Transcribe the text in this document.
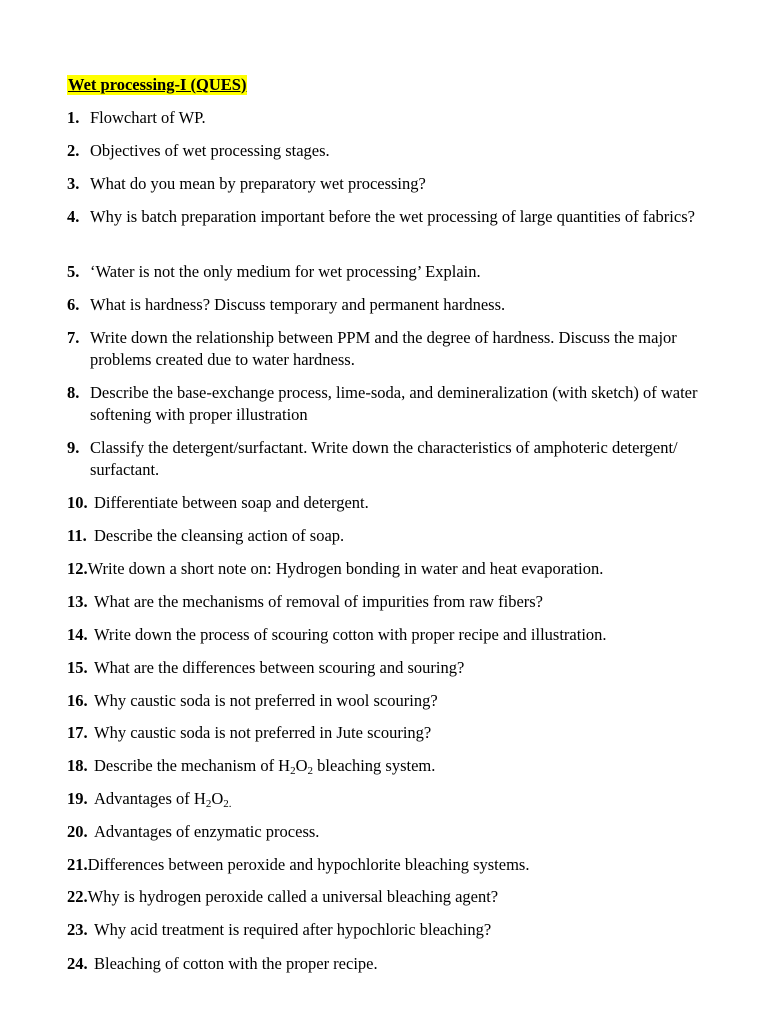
Wet processing-I (QUES)
1. Flowchart of WP.
2. Objectives of wet processing stages.
3. What do you mean by preparatory wet processing?
4. Why is batch preparation important before the wet processing of large quantities of fabrics?
5. ‘Water is not the only medium for wet processing’ Explain.
6. What is hardness? Discuss temporary and permanent hardness.
7. Write down the relationship between PPM and the degree of hardness. Discuss the major problems created due to water hardness.
8. Describe the base-exchange process, lime-soda, and demineralization (with sketch) of water softening with proper illustration
9. Classify the detergent/surfactant. Write down the characteristics of amphoteric detergent/ surfactant.
10. Differentiate between soap and detergent.
11. Describe the cleansing action of soap.
12. Write down a short note on: Hydrogen bonding in water and heat evaporation.
13. What are the mechanisms of removal of impurities from raw fibers?
14. Write down the process of scouring cotton with proper recipe and illustration.
15. What are the differences between scouring and souring?
16. Why caustic soda is not preferred in wool scouring?
17. Why caustic soda is not preferred in Jute scouring?
18. Describe the mechanism of $H_2O_2$ bleaching system.
19. Advantages of $H_2O_{2.}$
20. Advantages of enzymatic process.
21. Differences between peroxide and hypochlorite bleaching systems.
22. Why is hydrogen peroxide called a universal bleaching agent?
23. Why acid treatment is required after hypochloric bleaching?
24. Bleaching of cotton with the proper recipe.
